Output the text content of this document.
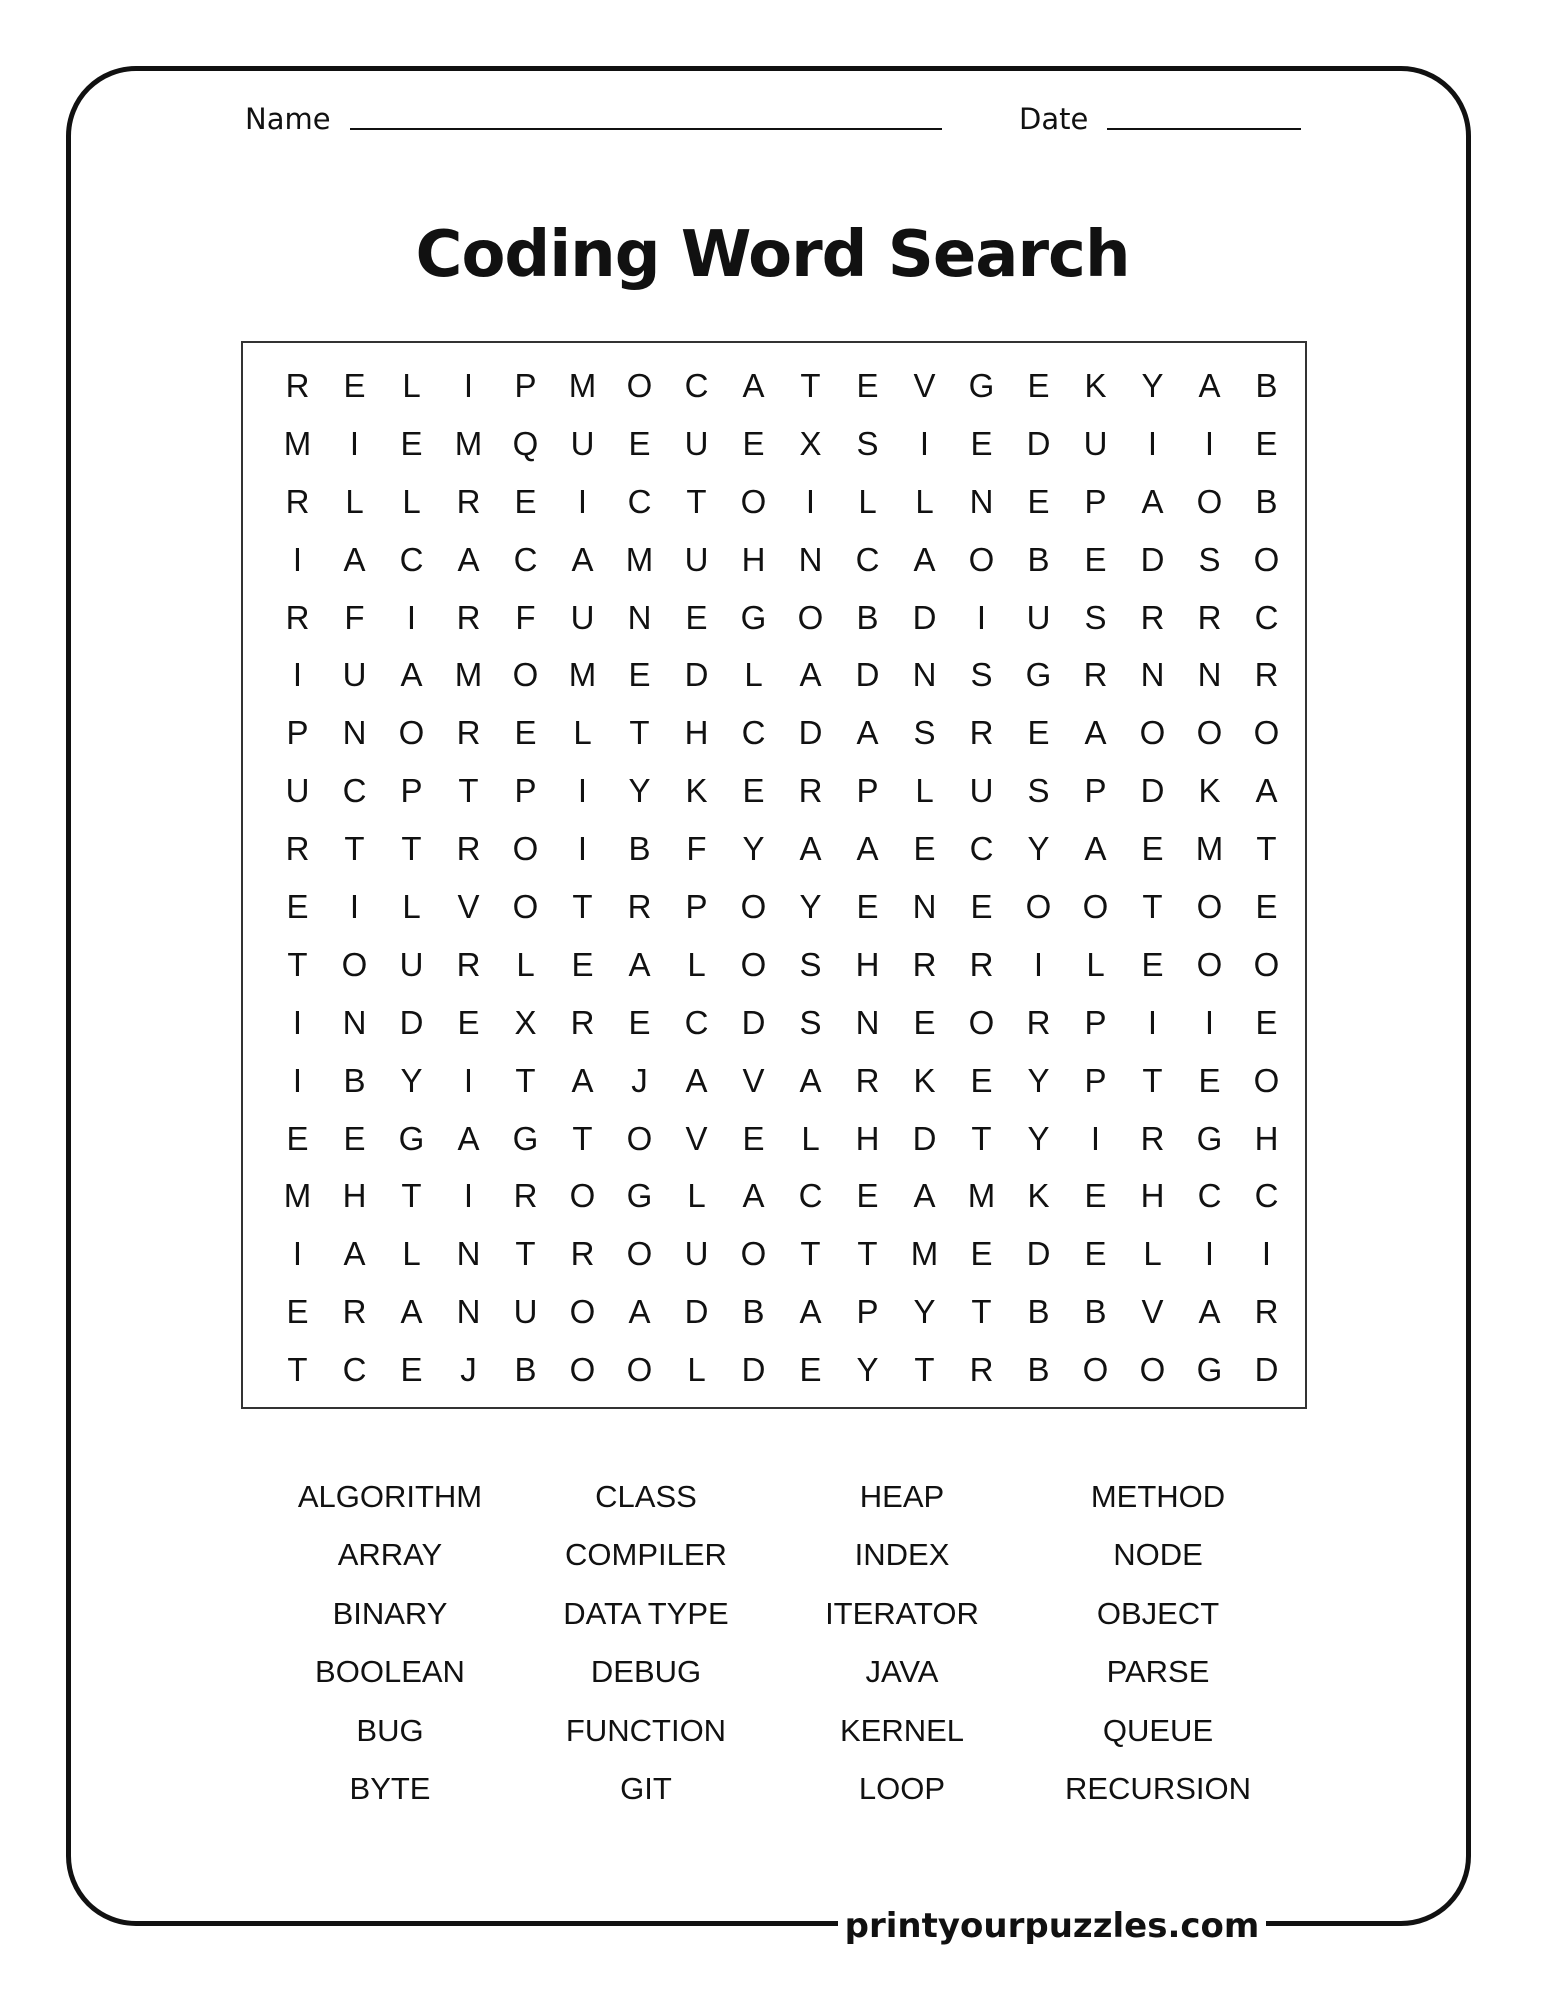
Name	Date
Coding Word Search
R	E	L	I	P M O C	A	T	E	V	G	E	K	Y	A	B
M	I	E M Q U	E	U	E	X	S	I	E	D	U	I	I	E
R	L	L	R	E	I	C	T	O	I	L	L	N	E	P	A	O	B
I	A	C	A	C	A M U	H	N	C	A	O	B	E	D	S	O
R	F	I	R	F	U	N	E	G O	B	D	I	U	S	R	R	C
I	U	A M O M E	D	L	A	D	N	S	G R	N	N	R
P	N O R	E	L	T	H	C	D	A	S	R	E	A	O O O
U	C	P	T	P	I	Y	K	E	R	P	L	U	S	P	D	K	A
R	T	T	R O	I	B	F	Y	A	A	E	C	Y	A	E M	T
E	I	L	V	O	T	R	P	O	Y	E	N	E	O O	T	O	E
T	O U	R	L	E	A	L	O	S	H	R	R	I	L	E	O O
I	N	D	E	X	R	E	C	D	S	N	E	O R	P	I	I	E
I	B	Y	I	T	A	J	A	V	A	R	K	E	Y	P	T	E	O
E	E	G	A	G	T	O	V	E	L	H	D	T	Y	I	R G H
M H	T	I	R O G	L	A	C	E	A M K	E	H	C	C
I	A	L	N	T	R O U O	T	T	M E	D	E	L	I	I
E	R	A	N	U O	A	D	B	A	P	Y	T	B	B	V	A	R
T	C	E	J	B	O O	L	D	E	Y	T	R	B	O O G D
ALGORITHM	CLASS	HEAP	METHOD
ARRAY	COMPILER	INDEX	NODE
BINARY	DATA TYPE	ITERATOR	OBJECT
BOOLEAN	DEBUG	JAVA	PARSE
BUG	FUNCTION	KERNEL	QUEUE
BYTE	GIT	LOOP	RECURSION
printyourpuzzles.com
